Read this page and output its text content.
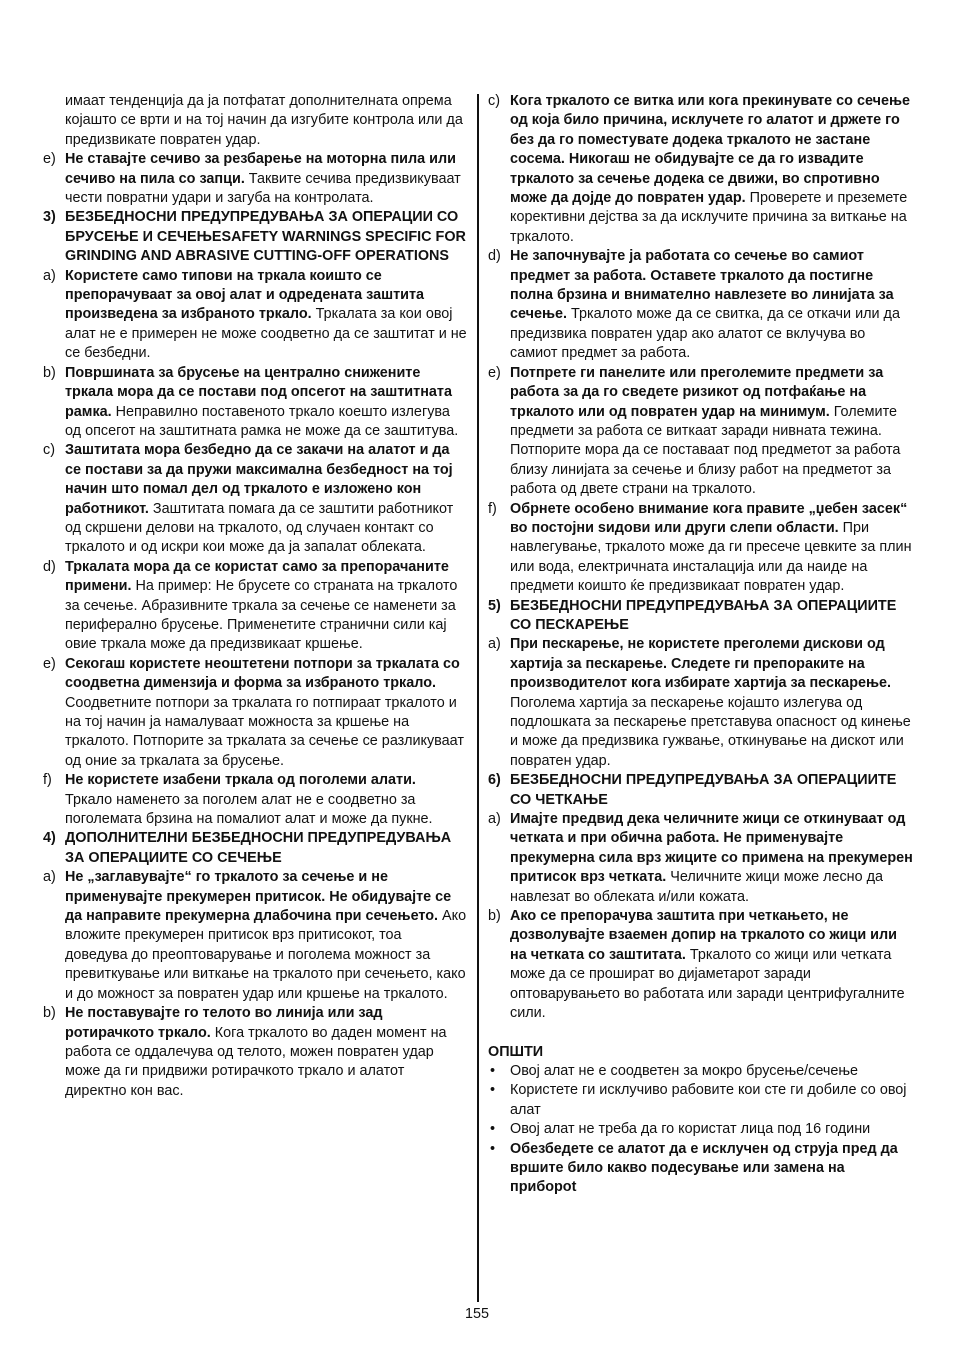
имаат тенденција да ја потфатат дополнителната опрема којашто се врти и на тој начин да изгубите контрола или да предизвикате повратен удар.
e) Не ставајте сечиво за резбарење на моторна пила или сечиво на пила со запци. Таквите сечива предизвикуваат чести повратни удари и загуба на контролата.
3) БЕЗБЕДНОСНИ ПРЕДУПРЕДУВАЊА ЗА ОПЕРАЦИИ СО БРУСЕЊЕ И СЕЧЕЊЕSAFETY WARNINGS SPECIFIC FOR GRINDING AND ABRASIVE CUTTING-OFF OPERATIONS
a) Користете само типови на тркала коишто се препорачуваат за овој алат и одредената заштита произведена за избраното тркало. Тркалата за кои овој алат не е примерен не може соодветно да се заштитат и не се безбедни.
b) Површината за брусење на централно снижените тркала мора да се постави под опсегот на заштитната рамка. Неправилно поставеното тркало коешто излегува од опсегот на заштитната рамка не може да се заштитува.
c) Заштитата мора безбедно да се закачи на алатот и да се постави за да пружи максимална безбедност на тој начин што помал дел од тркалото е изложено кон работникот. Заштитата помага да се заштити работникот од скршени делови на тркалото, од случаен контакт со тркалото и од искри кои може да ја запалат облеката.
d) Тркалата мора да се користат само за препорачаните примени. На пример: Не брусете со страната на тркалото за сечење. Абразивните тркала за сечење се наменети за периферално брусење. Применетите странични сили кај овие тркала може да предизвикаат кршење.
e) Секогаш користете неоштетени потпори за тркалата со соодветна димензија и форма за избраното тркало. Соодветните потпори за тркалата го потпираат тркалото и на тој начин ја намалуваат можноста за кршење на тркалото. Потпорите за тркалата за сечење се разликуваат од оние за тркалата за брусење.
f) Не користете изабени тркала од поголеми алати. Тркало наменето за поголем алат не е соодветно за поголемата брзина на помалиот алат и може да пукне.
4) ДОПОЛНИТЕЛНИ БЕЗБЕДНОСНИ ПРЕДУПРЕДУВАЊА ЗА ОПЕРАЦИИТЕ СО СЕЧЕЊЕ
a) Не „заглавувајте“ го тркалото за сечење и не применувајте прекумерен притисок. Не обидувајте се да направите прекумерна длабочина при сечењето. Ако вложите прекумерен притисок врз притисокот, тоа доведува до преоптоварување и поголема можност за превиткување или виткање на тркалото при сечењето, како и до можност за повратен удар или кршење на тркалото.
b) Не поставувајте го телото во линија или зад ротирачкото тркало. Кога тркалото во даден момент на работа се оддалечува од телото, можен повратен удар може да ги придвижи ротирачкото тркало и алатот директно кон вас.
c) Кога тркалото се витка или кога прекинувате со сечење од која било причина, исклучете го алатот и држете го без да го поместувате додека тркалото не застане сосема. Никогаш не обидувајте се да го извадите тркалото за сечење додека се движи, во спротивно може да дојде до повратен удар. Проверете и преземете корективни дејства за да исклучите причина за виткање на тркалото.
d) Не започнувајте ја работата со сечење во самиот предмет за работа. Оставете тркалото да постигне полна брзина и внимателно навлезете во линијата за сечење. Тркалото може да се свитка, да се откачи или да предизвика повратен удар ако алатот се вклучува во самиот предмет за работа.
e) Потпрете ги панелите или преголемите предмети за работа за да го сведете ризикот од потфаќање на тркалото или од повратен удар на минимум. Големите предмети за работа се виткаат заради нивната тежина. Потпорите мора да се поставаат под предметот за работа близу линијата за сечење и близу рабoт на предметот за работа од двете страни на тркалото.
f) Обрнете особено внимание кога правите „џебен засек“ во постојни ѕидови или други слепи области. При навлегување, тркалото може да ги пресече цевките за плин или вода, електричната инсталација или да наиде на предмети коишто ќе предизвикаат повратен удар.
5) БЕЗБЕДНОСНИ ПРЕДУПРЕДУВАЊА ЗА ОПЕРАЦИИТЕ СО ПЕСКАРЕЊЕ
a) При пескарење, не користете преголеми дискови од хартија за пескарење. Следете ги препораките на производителот кога избирате хартија за пескарење. Поголема хартија за пескарење којашто излегува од подлошката за пескарење претставува опасност од кинење и може да предизвика гужвање, откинување на дискот или повратен удар.
6) БЕЗБЕДНОСНИ ПРЕДУПРЕДУВАЊА ЗА ОПЕРАЦИИТЕ СО ЧЕТКАЊЕ
a) Имајте предвид дека челичните жици се откинуваат од четката и при обична работа. Не применувајте прекумерна сила врз жиците со примена на прекумерен притисок врз четката. Челичните жици може лесно да навлезат во облеката и/или кожата.
b) Ако се препорачува заштита при четкањето, не дозволувајте взаемен допир на тркалото со жици или на четката со заштитата. Тркалото со жици или четката може да се прошират во дијаметарот заради оптоварувањето во работата или заради центрифугалните сили.
ОПШТИ
•	Овој алат не е соодветен за мокро брусење/сечење
•	Користете ги исклучиво рабовите кои сте ги добиле со овој алат
•	Овој алат не треба да го користат лица под 16 години
•	Обезбедете се алатот да е исклучен од струја пред да вршите било какво подесување или замена на прибороt
155
